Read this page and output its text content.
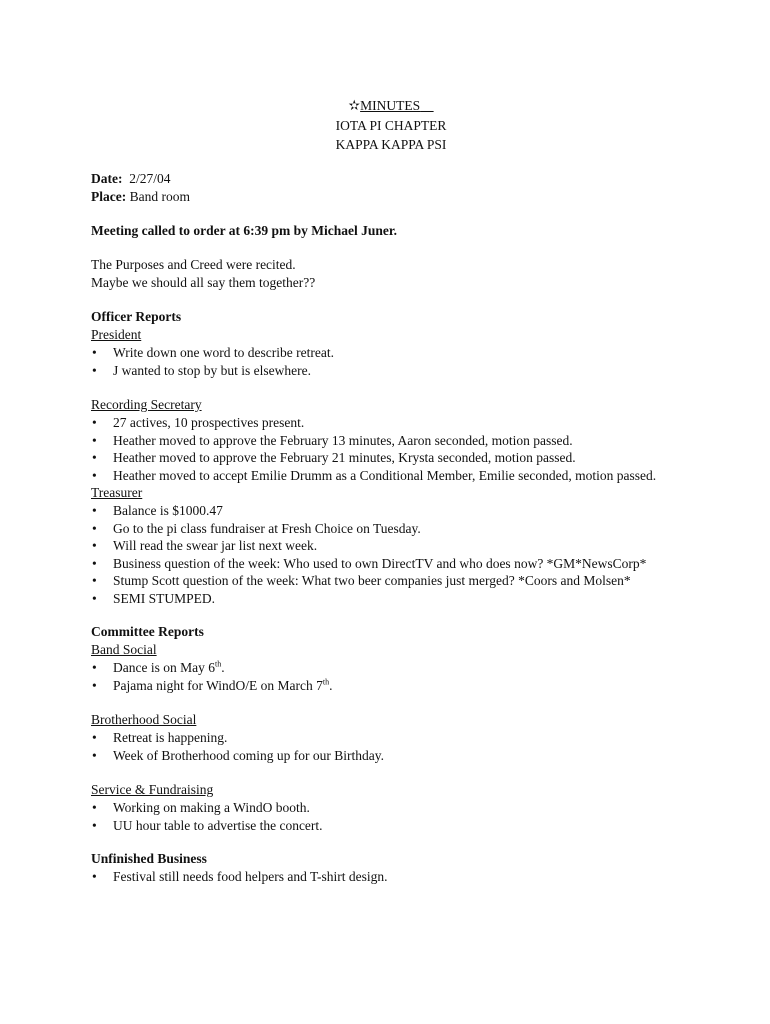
✫MINUTES
IOTA PI CHAPTER
KAPPA KAPPA PSI
Date: 2/27/04
Place: Band room
Meeting called to order at 6:39 pm by Michael Juner.
The Purposes and Creed were recited.
Maybe we should all say them together??
Officer Reports
President
• Write down one word to describe retreat.
• J wanted to stop by but is elsewhere.
Recording Secretary
• 27 actives, 10 prospectives present.
• Heather moved to approve the February 13 minutes, Aaron seconded, motion passed.
• Heather moved to approve the February 21 minutes, Krysta seconded, motion passed.
• Heather moved to accept Emilie Drumm as a Conditional Member, Emilie seconded, motion passed.
Treasurer
• Balance is $1000.47
• Go to the pi class fundraiser at Fresh Choice on Tuesday.
• Will read the swear jar list next week.
• Business question of the week: Who used to own DirectTV and who does now? *GM*NewsCorp*
• Stump Scott question of the week: What two beer companies just merged? *Coors and Molsen*
• SEMI STUMPED.
Committee Reports
Band Social
• Dance is on May 6th.
• Pajama night for WindO/E on March 7th.
Brotherhood Social
• Retreat is happening.
• Week of Brotherhood coming up for our Birthday.
Service & Fundraising
• Working on making a WindO booth.
• UU hour table to advertise the concert.
Unfinished Business
• Festival still needs food helpers and T-shirt design.
